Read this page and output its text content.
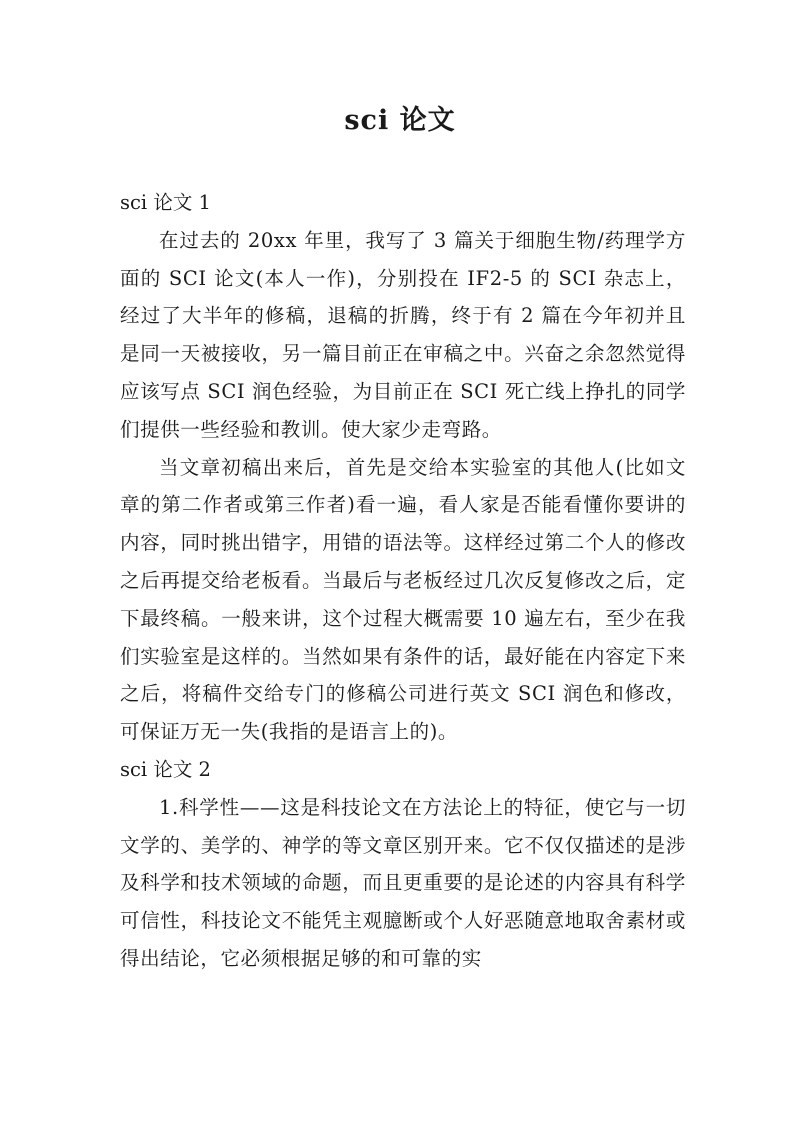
sci 论文
sci 论文 1

在过去的 20xx 年里，我写了 3 篇关于细胞生物/药理学方面的 SCI 论文(本人一作)，分别投在 IF2-5 的 SCI 杂志上，经过了大半年的修稿，退稿的折腾，终于有 2 篇在今年初并且是同一天被接收，另一篇目前正在审稿之中。兴奋之余忽然觉得应该写点 SCI 润色经验，为目前正在 SCI 死亡线上挣扎的同学们提供一些经验和教训。使大家少走弯路。

当文章初稿出来后，首先是交给本实验室的其他人(比如文章的第二作者或第三作者)看一遍，看人家是否能看懂你要讲的内容，同时挑出错字，用错的语法等。这样经过第二个人的修改之后再提交给老板看。当最后与老板经过几次反复修改之后，定下最终稿。一般来讲，这个过程大概需要 10 遍左右，至少在我们实验室是这样的。当然如果有条件的话，最好能在内容定下来之后，将稿件交给专门的修稿公司进行英文 SCI 润色和修改，可保证万无一失(我指的是语言上的)。

sci 论文 2

1.科学性——这是科技论文在方法论上的特征，使它与一切文学的、美学的、神学的等文章区别开来。它不仅仅描述的是涉及科学和技术领域的命题，而且更重要的是论述的内容具有科学可信性，科技论文不能凭主观臆断或个人好恶随意地取舍素材或得出结论，它必须根据足够的和可靠的实
